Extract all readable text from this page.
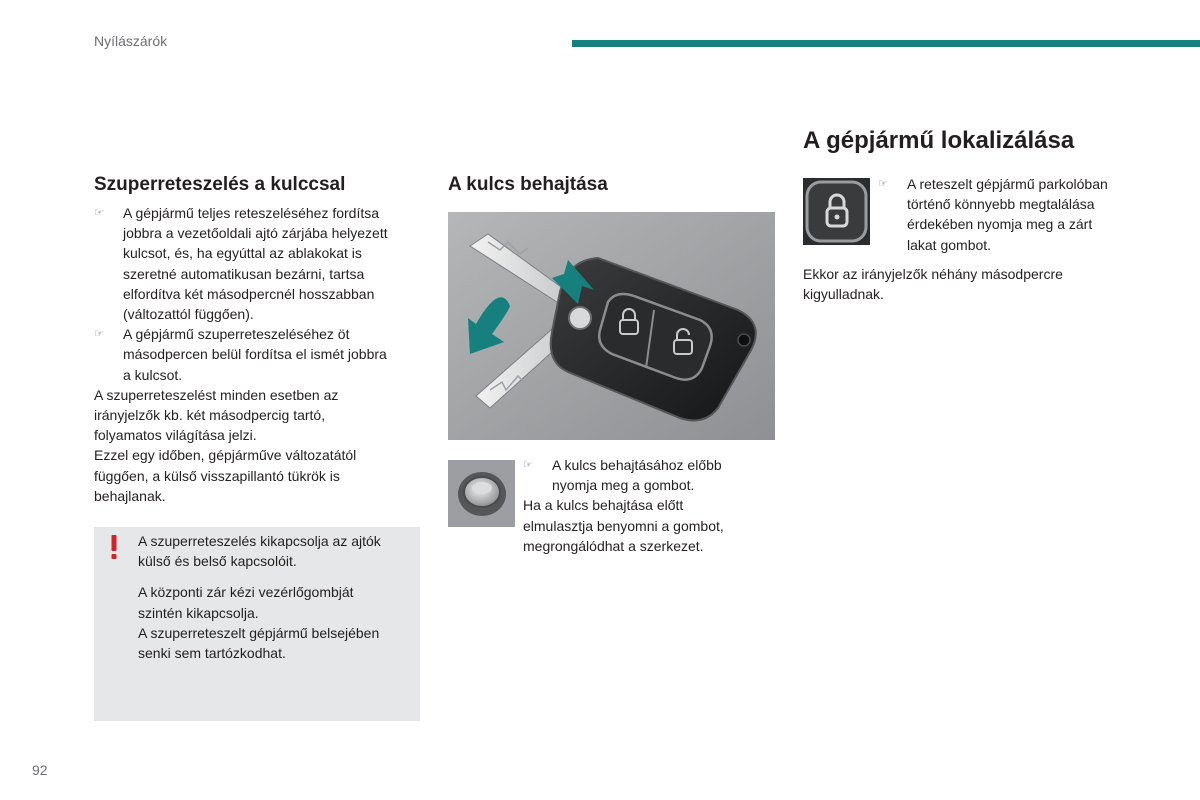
Nyílászárók
Szuperreteszelés a kulccsal
☞
A gépjármű teljes reteszeléséhez fordítsa
jobbra a vezetőoldali ajtó zárjába helyezett
kulcsot, és, ha egyúttal az ablakokat is
szeretné automatikusan bezárni, tartsa
elfordítva két másodpercnél hosszabban
(változattól függően).
☞
A gépjármű szuperreteszeléséhez öt
másodpercen belül fordítsa el ismét jobbra
a kulcsot.
A szuperreteszelést minden esetben az
irányjelzők kb. két másodpercig tartó,
folyamatos világítása jelzi.
Ezzel egy időben, gépjárműve változatától
függően, a külső visszapillantó tükrök is
behajlanak.

A szuperreteszelés kikapcsolja az ajtók
külső és belső kapcsolóit.

A központi zár kézi vezérlőgombját
szintén kikapcsolja.
A szuperreteszelt gépjármű belsejében
senki sem tartózkodhat.

A kulcs behajtása
☞
A kulcs behajtásához előbb
nyomja meg a gombot.
Ha a kulcs behajtása előtt
elmulasztja benyomni a gombot,
megrongálódhat a szerkezet.
A gépjármű lokalizálása
☞
A reteszelt gépjármű parkolóban
történő könnyebb megtalálása
érdekében nyomja meg a zárt
lakat gombot.
Ekkor az irányjelzők néhány másodpercre
kigyulladnak.
92
